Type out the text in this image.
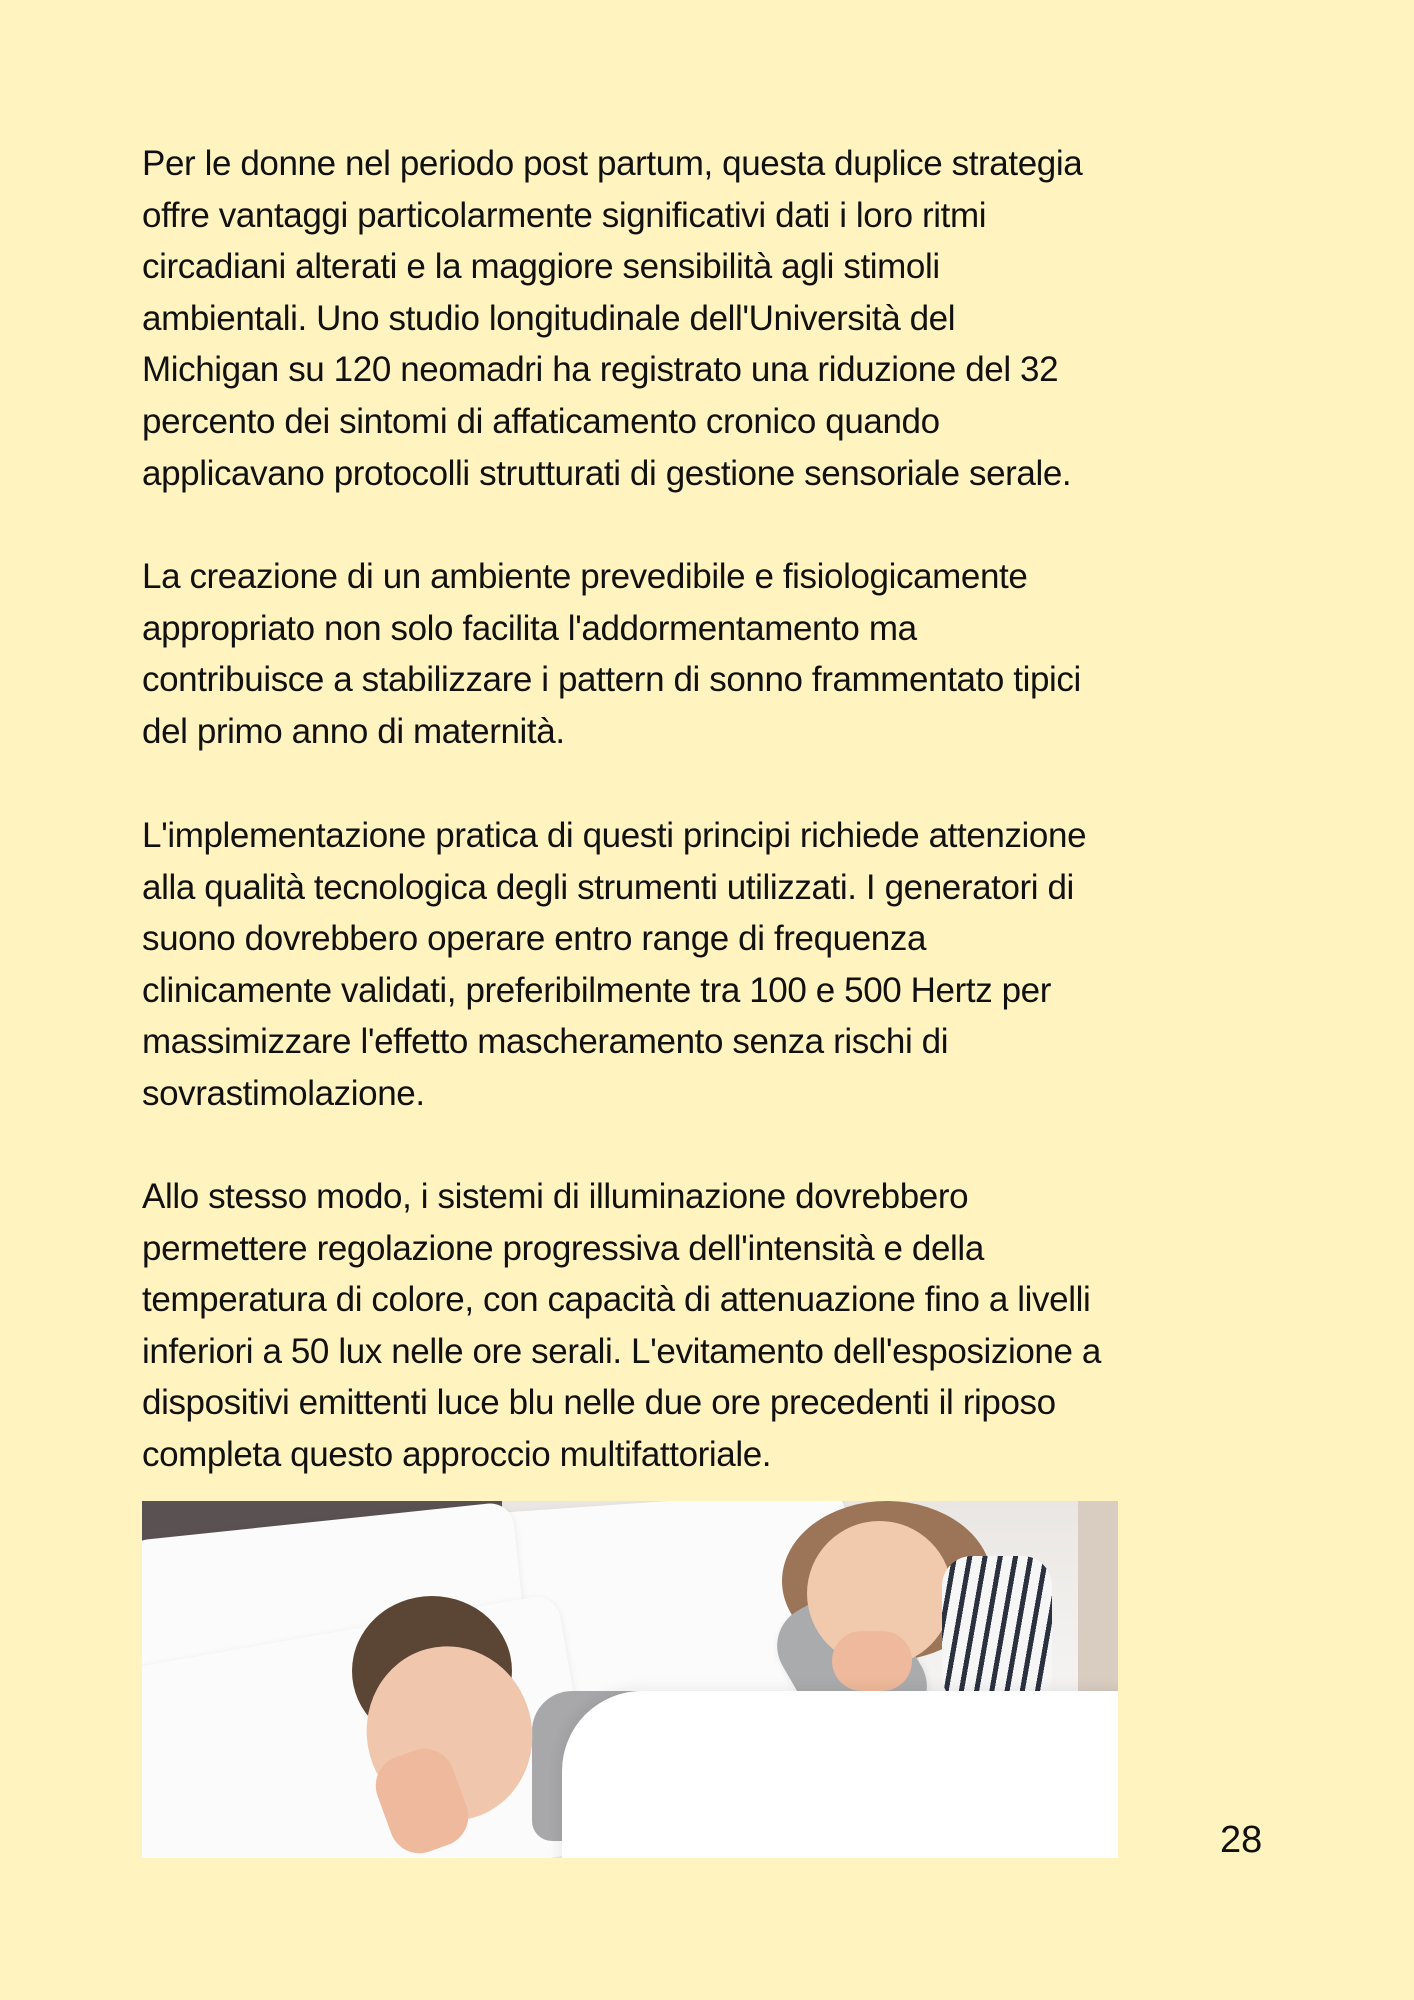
Per le donne nel periodo post partum, questa duplice strategia
offre vantaggi particolarmente significativi dati i loro ritmi
circadiani alterati e la maggiore sensibilità agli stimoli
ambientali. Uno studio longitudinale dell'Università del
Michigan su 120 neomadri ha registrato una riduzione del 32
percento dei sintomi di affaticamento cronico quando
applicavano protocolli strutturati di gestione sensoriale serale.
La creazione di un ambiente prevedibile e fisiologicamente
appropriato non solo facilita l'addormentamento ma
contribuisce a stabilizzare i pattern di sonno frammentato tipici
del primo anno di maternità.
L'implementazione pratica di questi principi richiede attenzione
alla qualità tecnologica degli strumenti utilizzati. I generatori di
suono dovrebbero operare entro range di frequenza
clinicamente validati, preferibilmente tra 100 e 500 Hertz per
massimizzare l'effetto mascheramento senza rischi di
sovrastimolazione.
Allo stesso modo, i sistemi di illuminazione dovrebbero
permettere regolazione progressiva dell'intensità e della
temperatura di colore, con capacità di attenuazione fino a livelli
inferiori a 50 lux nelle ore serali. L'evitamento dell'esposizione a
dispositivi emittenti luce blu nelle due ore precedenti il riposo
completa questo approccio multifattoriale.
28
